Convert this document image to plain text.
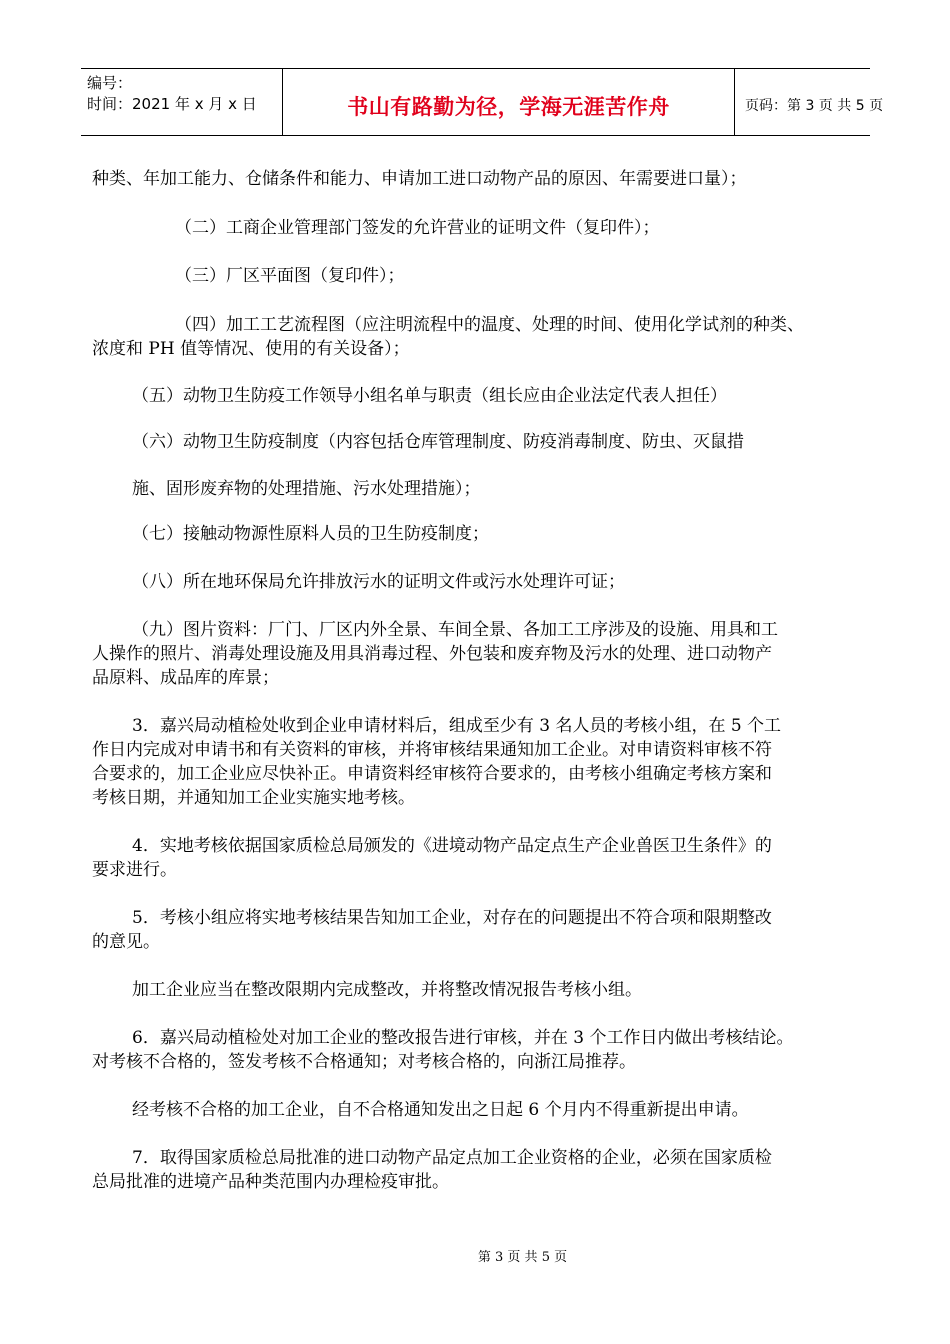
编号：
时间：2021 年 x 月 x 日	书山有路勤为径，学海无涯苦作舟	页码：第 3 页 共 5 页
种类、年加工能力、仓储条件和能力、申请加工进口动物产品的原因、年需要进口量）；
（二）工商企业管理部门签发的允许营业的证明文件（复印件）；
（三）厂区平面图（复印件）；
（四）加工工艺流程图（应注明流程中的温度、处理的时间、使用化学试剂的种类、
浓度和 PH 值等情况、使用的有关设备）；
（五）动物卫生防疫工作领导小组名单与职责（组长应由企业法定代表人担任）
（六）动物卫生防疫制度（内容包括仓库管理制度、防疫消毒制度、防虫、灭鼠措
施、固形废弃物的处理措施、污水处理措施）；
（七）接触动物源性原料人员的卫生防疫制度；
（八）所在地环保局允许排放污水的证明文件或污水处理许可证；
（九）图片资料：厂门、厂区内外全景、车间全景、各加工工序涉及的设施、用具和工
人操作的照片、消毒处理设施及用具消毒过程、外包装和废弃物及污水的处理、进口动物产
品原料、成品库的库景；
3．嘉兴局动植检处收到企业申请材料后，组成至少有 3 名人员的考核小组，在 5 个工
作日内完成对申请书和有关资料的审核，并将审核结果通知加工企业。对申请资料审核不符
合要求的，加工企业应尽快补正。申请资料经审核符合要求的，由考核小组确定考核方案和
考核日期，并通知加工企业实施实地考核。
4．实地考核依据国家质检总局颁发的《进境动物产品定点生产企业兽医卫生条件》的
要求进行。
5．考核小组应将实地考核结果告知加工企业，对存在的问题提出不符合项和限期整改
的意见。
加工企业应当在整改限期内完成整改，并将整改情况报告考核小组。
6．嘉兴局动植检处对加工企业的整改报告进行审核，并在 3 个工作日内做出考核结论。
对考核不合格的，签发考核不合格通知；对考核合格的，向浙江局推荐。
经考核不合格的加工企业，自不合格通知发出之日起 6 个月内不得重新提出申请。
7．取得国家质检总局批准的进口动物产品定点加工企业资格的企业，必须在国家质检
总局批准的进境产品种类范围内办理检疫审批。
第 3 页 共 5 页
